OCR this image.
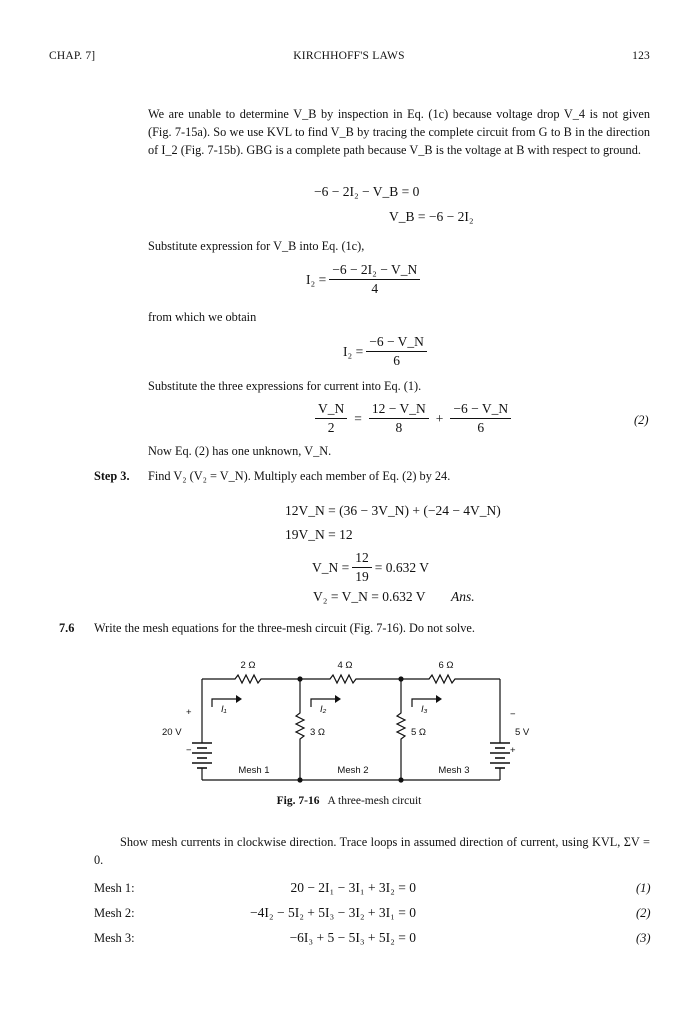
CHAP. 7]	KIRCHHOFF'S LAWS	123
We are unable to determine V_B by inspection in Eq. (1c) because voltage drop V_4 is not given (Fig. 7-15a). So we use KVL to find V_B by tracing the complete circuit from G to B in the direction of I_2 (Fig. 7-15b). GBG is a complete path because V_B is the voltage at B with respect to ground.
−6 − 2I₂ − V_B = 0
V_B = −6 − 2I₂
Substitute expression for V_B into Eq. (1c),
$I_2 = \frac{\text{−6 − 2I₂ − V\_N}}{4}$
from which we obtain
$I_2 = \frac{-6 - V\_N}{6}$
Substitute the three expressions for current into Eq. (1).
$\frac{V\_N}{2} = \frac{12 - V\_N}{8} + \frac{-6 - V\_N}{6}$	(2)
Now Eq. (2) has one unknown, V_N.
Step 3. Find V₂ (V₂ = V_N). Multiply each member of Eq. (2) by 24.
12V_N = (36 − 3V_N) + (−24 − 4V_N)
19V_N = 12
V_N = $\frac{12}{19} = 0.632$ V
V₂ = V_N = 0.632 V Ans.
7.6 Write the mesh equations for the three-mesh circuit (Fig. 7-16). Do not solve.
2 Ω	4 Ω	6 Ω
3 Ω	5 Ω
20 V	5 V
+
−
−
+
I₁	I₂	I₃
Mesh 1	Mesh 2	Mesh 3
Fig. 7-16 A three-mesh circuit
Show mesh currents in clockwise direction. Trace loops in assumed direction of current, using KVL, ΣV = 0.
Mesh 1:	20 − 2I₁ − 3I₁ + 3I₂ = 0	(1)
Mesh 2:	−4I₂ − 5I₂ + 5I₃ − 3I₂ + 3I₁ = 0	(2)
Mesh 3:	−6I₃ + 5 − 5I₃ + 5I₂ = 0	(3)
